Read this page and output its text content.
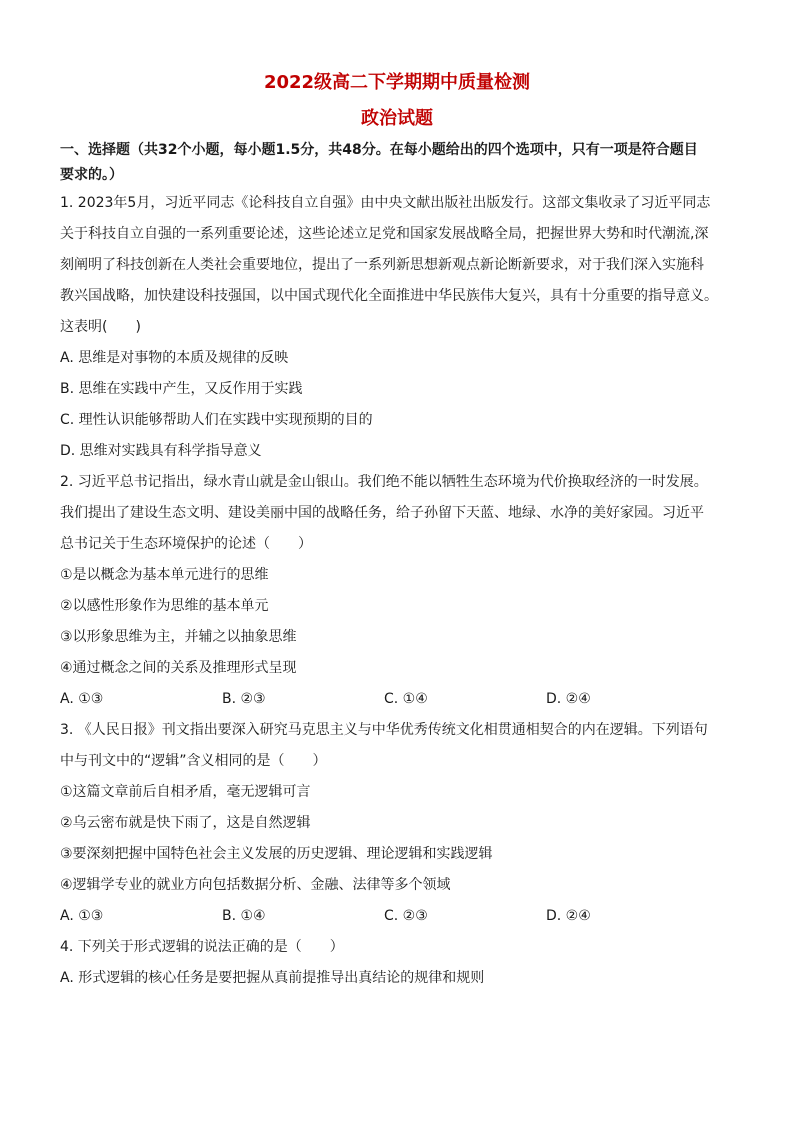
2022级高二下学期期中质量检测
政治试题
一、选择题（共32个小题，每小题1.5分，共48分。在每小题给出的四个选项中，只有一项是符合题目
要求的。）
1. 2023年5月，习近平同志《论科技自立自强》由中央文献出版社出版发行。这部文集收录了习近平同志
关于科技自立自强的一系列重要论述，这些论述立足党和国家发展战略全局，把握世界大势和时代潮流,深
刻阐明了科技创新在人类社会重要地位，提出了一系列新思想新观点新论断新要求，对于我们深入实施科
教兴国战略，加快建设科技强国，以中国式现代化全面推进中华民族伟大复兴，具有十分重要的指导意义。
这表明(　　)
A. 思维是对事物的本质及规律的反映
B. 思维在实践中产生，又反作用于实践
C. 理性认识能够帮助人们在实践中实现预期的目的
D. 思维对实践具有科学指导意义
2. 习近平总书记指出，绿水青山就是金山银山。我们绝不能以牺牲生态环境为代价换取经济的一时发展。
我们提出了建设生态文明、建设美丽中国的战略任务，给子孙留下天蓝、地绿、水净的美好家园。习近平
总书记关于生态环境保护的论述（　　）
①是以概念为基本单元进行的思维
②以感性形象作为思维的基本单元
③以形象思维为主，并辅之以抽象思维
④通过概念之间的关系及推理形式呈现
A. ①③	B. ②③	C. ①④	D. ②④
3. 《人民日报》刊文指出要深入研究马克思主义与中华优秀传统文化相贯通相契合的内在逻辑。下列语句
中与刊文中的“逻辑”含义相同的是（　　）
①这篇文章前后自相矛盾，毫无逻辑可言
②乌云密布就是快下雨了，这是自然逻辑
③要深刻把握中国特色社会主义发展的历史逻辑、理论逻辑和实践逻辑
④逻辑学专业的就业方向包括数据分析、金融、法律等多个领域
A. ①③	B. ①④	C. ②③	D. ②④
4. 下列关于形式逻辑的说法正确的是（　　）
A. 形式逻辑的核心任务是要把握从真前提推导出真结论的规律和规则
